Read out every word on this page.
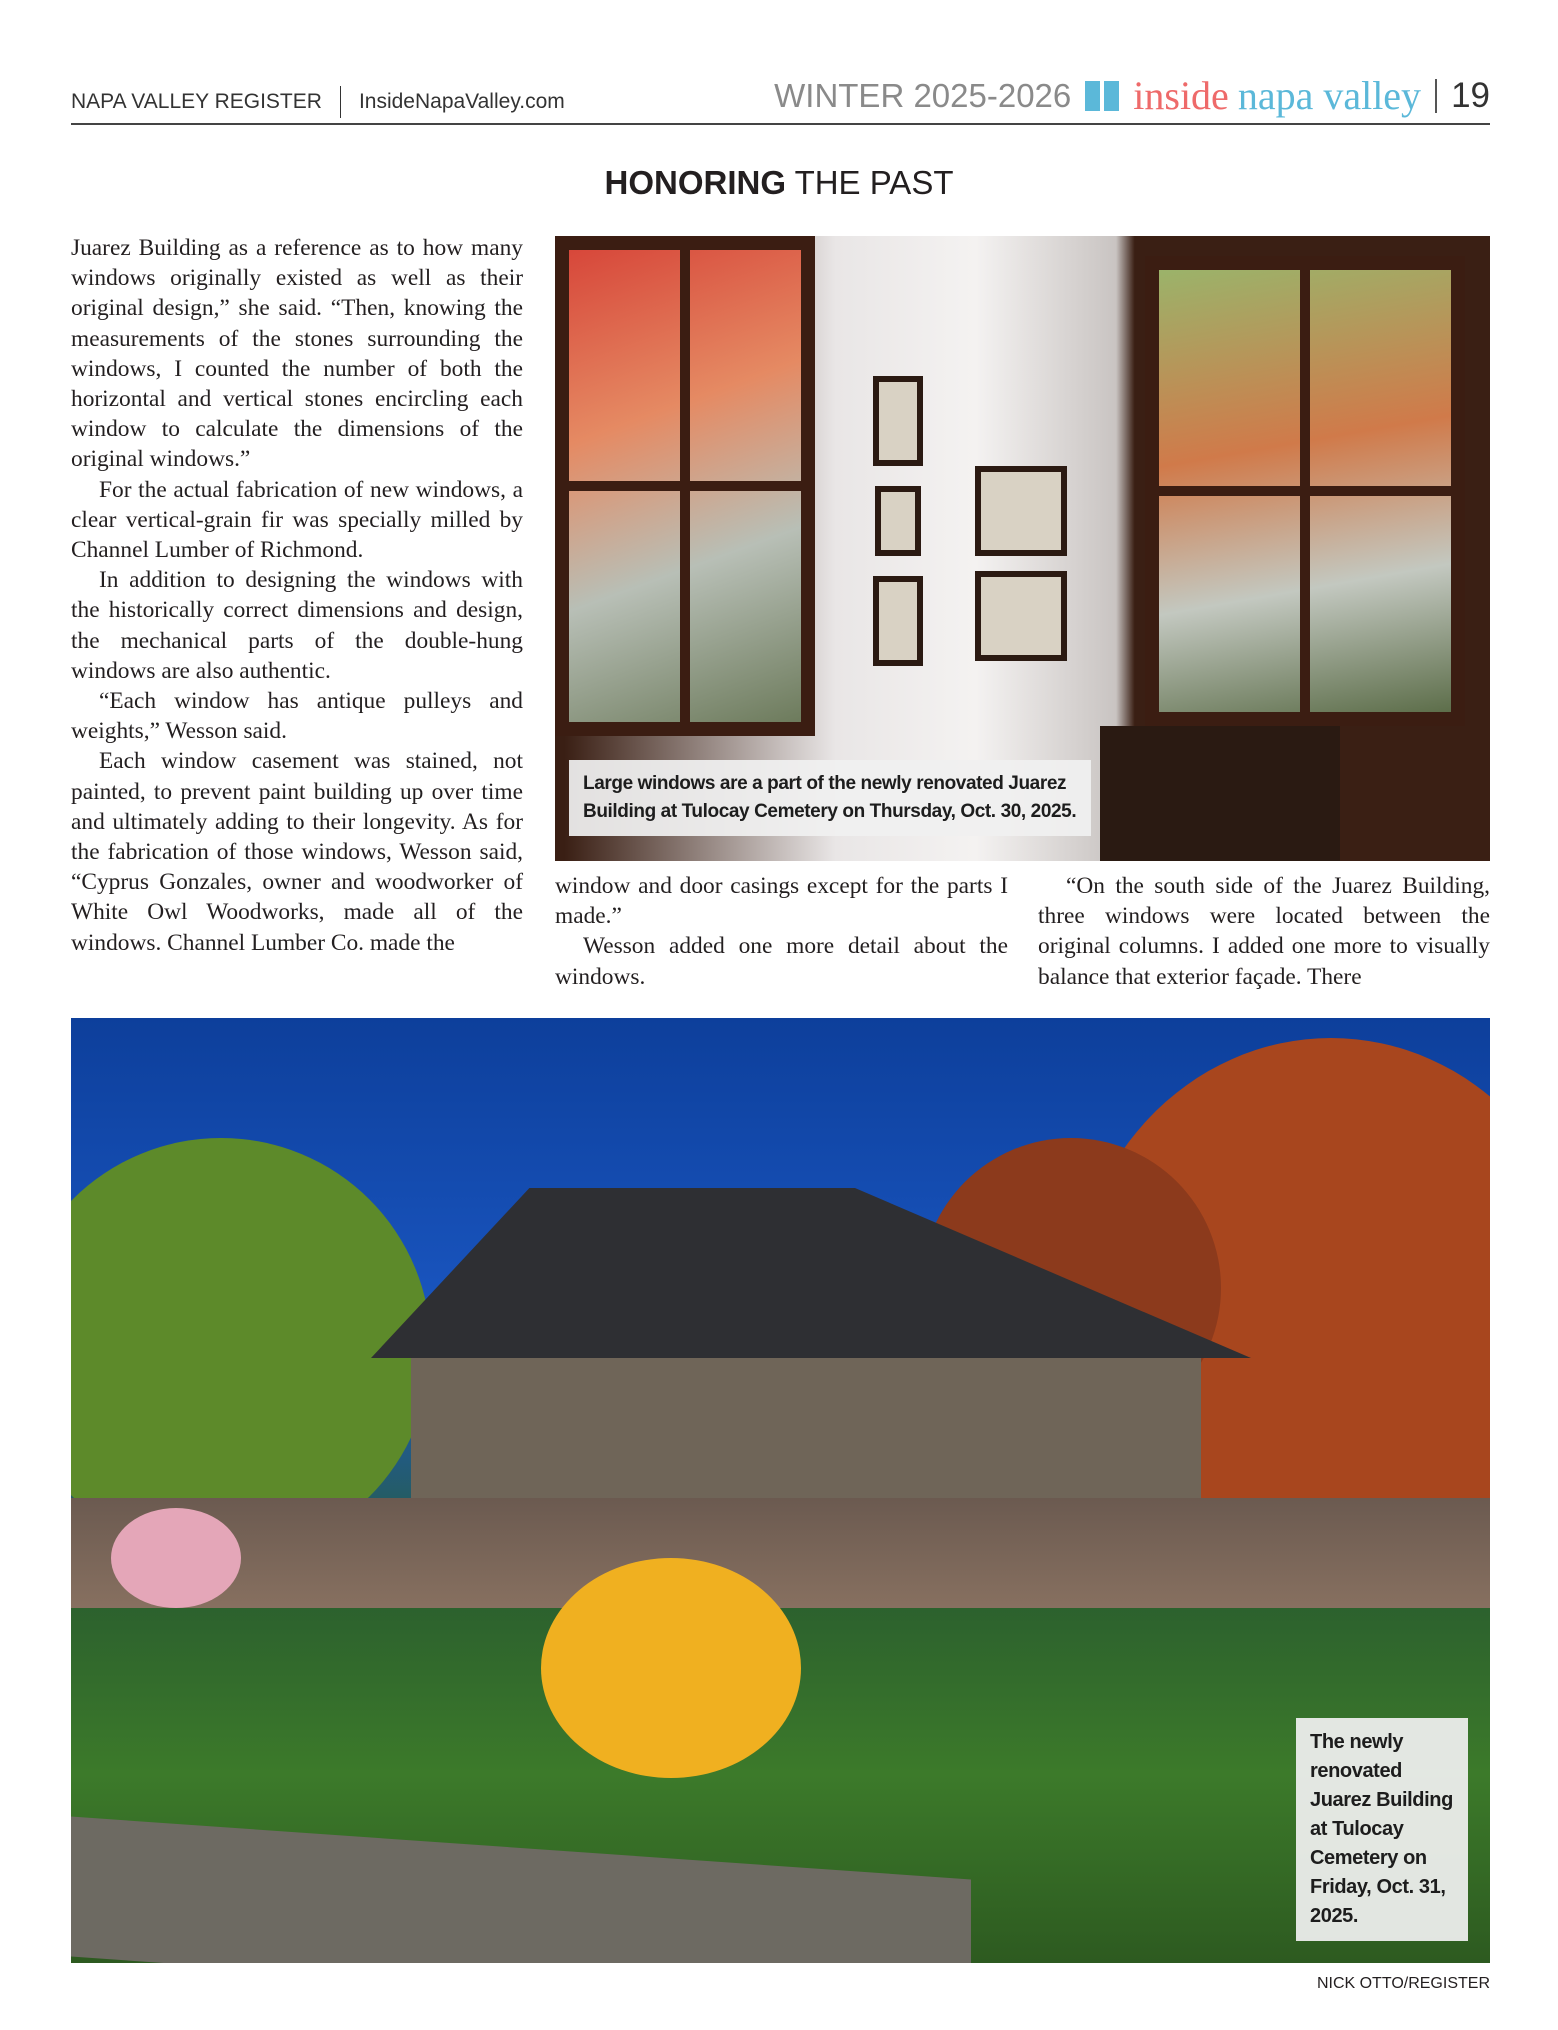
NAPA VALLEY REGISTER InsideNapaValley.com	WINTER 2025-2026 inside napa valley 19
HONORING THE PAST

Juarez Building as a reference as to how many windows originally existed as well as their original design,” she said. “Then, knowing the measurements of the stones surrounding the windows, I counted the number of both the horizontal and vertical stones encircling each window to calculate the dimensions of the original windows.”

For the actual fabrication of new windows, a clear vertical-grain fir was specially milled by Channel Lumber of Richmond.

In addition to designing the windows with the historically correct dimensions and design, the mechanical parts of the double-hung windows are also authentic.

“Each window has antique pulleys and weights,” Wesson said.

Each window casement was stained, not painted, to prevent paint building up over time and ultimately adding to their longevity. As for the fabrication of those windows, Wesson said, “Cyprus Gonzales, owner and woodworker of White Owl Woodworks, made all of the windows. Channel Lumber Co. made the

Large windows are a part of the newly renovated Juarez Building at Tulocay Cemetery on Thursday, Oct. 30, 2025.

window and door casings except for the parts I made.”

Wesson added one more detail about the windows.

“On the south side of the Juarez Building, three windows were located between the original columns. I added one more to visually balance that exterior façade. There

The newly renovated Juarez Building at Tulocay Cemetery on Friday, Oct. 31, 2025.
NICK OTTO/REGISTER
